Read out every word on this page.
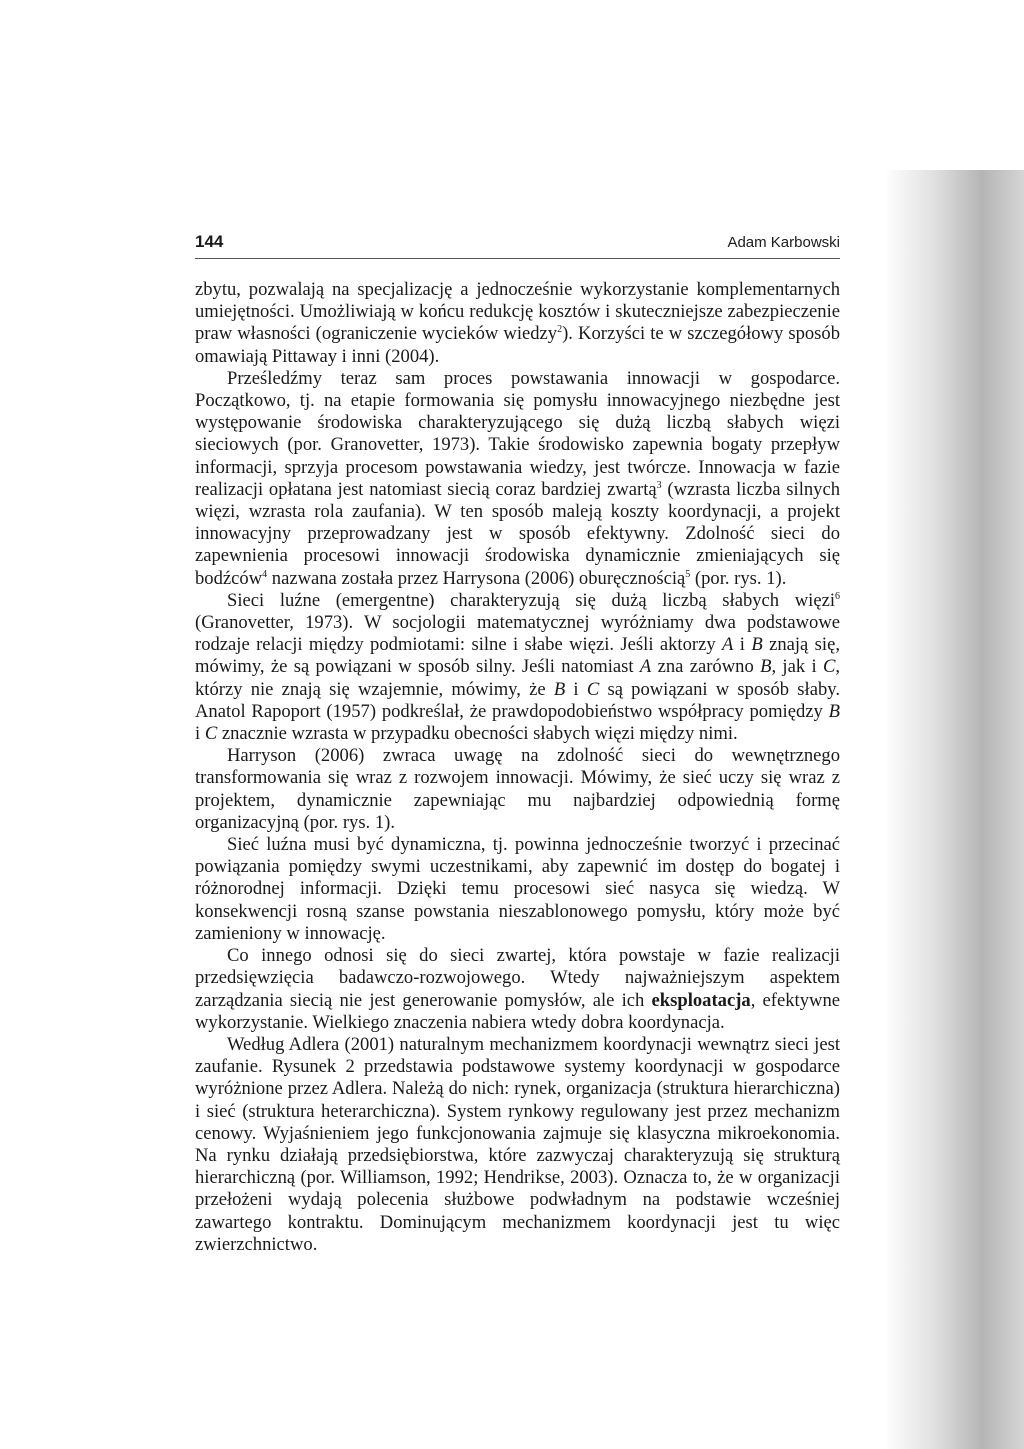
144	Adam Karbowski

zbytu, pozwalają na specjalizację a jednocześnie wykorzystanie komplementarnych umiejętności. Umożliwiają w końcu redukcję kosztów i skuteczniejsze zabezpieczenie praw własności (ograniczenie wycieków wiedzy$^2$). Korzyści te w szczegółowy sposób omawiają Pittaway i inni (2004).

Prześledźmy teraz sam proces powstawania innowacji w gospodarce. Początkowo, tj. na etapie formowania się pomysłu innowacyjnego niezbędne jest występowanie środowiska charakteryzującego się dużą liczbą słabych więzi sieciowych (por. Granovetter, 1973). Takie środowisko zapewnia bogaty przepływ informacji, sprzyja procesom powstawania wiedzy, jest twórcze. Innowacja w fazie realizacji opłatana jest natomiast siecią coraz bardziej zwartą$^3$ (wzrasta liczba silnych więzi, wzrasta rola zaufania). W ten sposób maleją koszty koordynacji, a projekt innowacyjny przeprowadzany jest w sposób efektywny. Zdolność sieci do zapewnienia procesowi innowacji środowiska dynamicznie zmieniających się bodźców$^4$ nazwana została przez Harrysona (2006) oburęcznością$^5$ (por. rys. 1).

Sieci luźne (emergentne) charakteryzują się dużą liczbą słabych więzi$^6$ (Granovetter, 1973). W socjologii matematycznej wyróżniamy dwa podstawowe rodzaje relacji między podmiotami: silne i słabe więzi. Jeśli aktorzy A i B znają się, mówimy, że są powiązani w sposób silny. Jeśli natomiast A zna zarówno B, jak i C, którzy nie znają się wzajemnie, mówimy, że B i C są powiązani w sposób słaby. Anatol Rapoport (1957) podkreślał, że prawdopodobieństwo współpracy pomiędzy B i C znacznie wzrasta w przypadku obecności słabych więzi między nimi.

Harryson (2006) zwraca uwagę na zdolność sieci do wewnętrznego transformowania się wraz z rozwojem innowacji. Mówimy, że sieć uczy się wraz z projektem, dynamicznie zapewniając mu najbardziej odpowiednią formę organizacyjną (por. rys. 1).

Sieć luźna musi być dynamiczna, tj. powinna jednocześnie tworzyć i przecinać powiązania pomiędzy swymi uczestnikami, aby zapewnić im dostęp do bogatej i różnorodnej informacji. Dzięki temu procesowi sieć nasyca się wiedzą. W konsekwencji rosną szanse powstania nieszablonowego pomysłu, który może być zamieniony w innowację.

Co innego odnosi się do sieci zwartej, która powstaje w fazie realizacji przedsięwzięcia badawczo-rozwojowego. Wtedy najważniejszym aspektem zarządzania siecią nie jest generowanie pomysłów, ale ich eksploatacja, efektywne wykorzystanie. Wielkiego znaczenia nabiera wtedy dobra koordynacja.

Według Adlera (2001) naturalnym mechanizmem koordynacji wewnątrz sieci jest zaufanie. Rysunek 2 przedstawia podstawowe systemy koordynacji w gospodarce wyróżnione przez Adlera. Należą do nich: rynek, organizacja (struktura hierarchiczna) i sieć (struktura heterarchiczna). System rynkowy regulowany jest przez mechanizm cenowy. Wyjaśnieniem jego funkcjonowania zajmuje się klasyczna mikroekonomia. Na rynku działają przedsiębiorstwa, które zazwyczaj charakteryzują się strukturą hierarchiczną (por. Williamson, 1992; Hendrikse, 2003). Oznacza to, że w organizacji przełożeni wydają polecenia służbowe podwładnym na podstawie wcześniej zawartego kontraktu. Dominującym mechanizmem koordynacji jest tu więc zwierzchnictwo.
